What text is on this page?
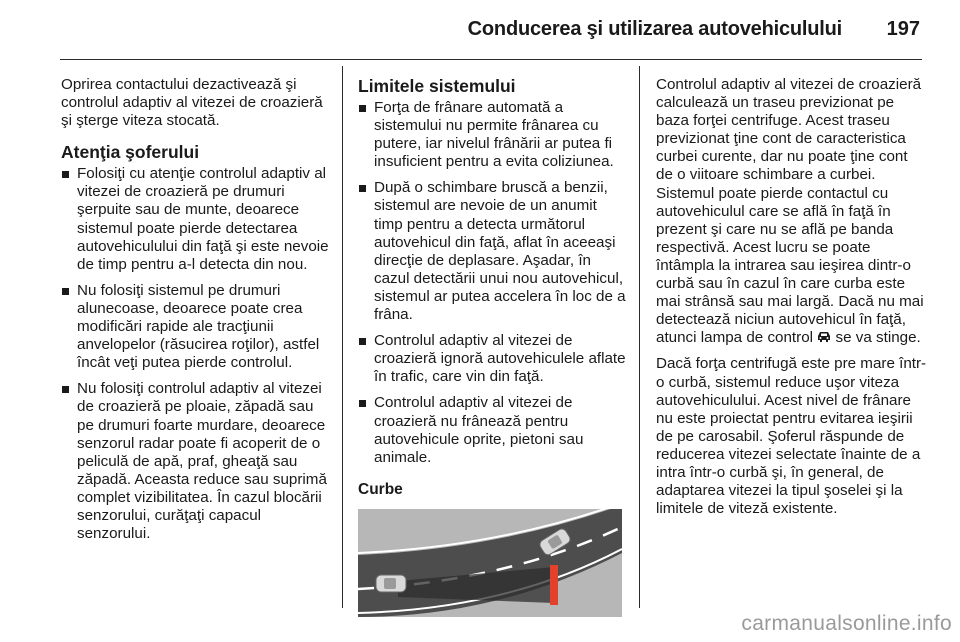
Conducerea şi utilizarea autovehiculului 197

Oprirea contactului dezactivează şi controlul adaptiv al vitezei de croazieră şi şterge viteza stocată.

Atenţia şoferului
Folosiţi cu atenţie controlul adaptiv al vitezei de croazieră pe drumuri şerpuite sau de munte, deoarece sistemul poate pierde detectarea autovehiculului din faţă şi este nevoie de timp pentru a-l detecta din nou.
Nu folosiţi sistemul pe drumuri alunecoase, deoarece poate crea modificări rapide ale tracţiunii anvelopelor (răsucirea roţilor), astfel încât veţi putea pierde controlul.
Nu folosiţi controlul adaptiv al vitezei de croazieră pe ploaie, zăpadă sau pe drumuri foarte murdare, deoarece senzorul radar poate fi acoperit de o peliculă de apă, praf, gheaţă sau zăpadă. Aceasta reduce sau suprimă complet vizibilitatea. În cazul blocării senzorului, curăţaţi capacul senzorului.
Limitele sistemului
Forţa de frânare automată a sistemului nu permite frânarea cu putere, iar nivelul frânării ar putea fi insuficient pentru a evita coliziunea.
După o schimbare bruscă a benzii, sistemul are nevoie de un anumit timp pentru a detecta următorul autovehicul din faţă, aflat în aceeaşi direcţie de deplasare. Aşadar, în cazul detectării unui nou autovehicul, sistemul ar putea accelera în loc de a frâna.
Controlul adaptiv al vitezei de croazieră ignoră autovehiculele aflate în trafic, care vin din faţă.
Controlul adaptiv al vitezei de croazieră nu frânează pentru autovehicule oprite, pietoni sau animale.
Curbe

Controlul adaptiv al vitezei de croazieră calculează un traseu previzionat pe baza forţei centrifuge. Acest traseu previzionat ţine cont de caracteristica curbei curente, dar nu poate ţine cont de o viitoare schimbare a curbei. Sistemul poate pierde contactul cu autovehiculul care se află în faţă în prezent şi care nu se află pe banda respectivă. Acest lucru se poate întâmpla la intrarea sau ieşirea dintr-o curbă sau în cazul în care curba este mai strânsă sau mai largă. Dacă nu mai detectează niciun autovehicul în faţă, atunci lampa de control se va stinge.

Dacă forţa centrifugă este pre mare într-o curbă, sistemul reduce uşor viteza autovehiculului. Acest nivel de frânare nu este proiectat pentru evitarea ieşirii de pe carosabil. Şoferul răspunde de reducerea vitezei selectate înainte de a intra într-o curbă şi, în general, de adaptarea vitezei la tipul şoselei şi la limitele de viteză existente.

carmanualsonline.info
